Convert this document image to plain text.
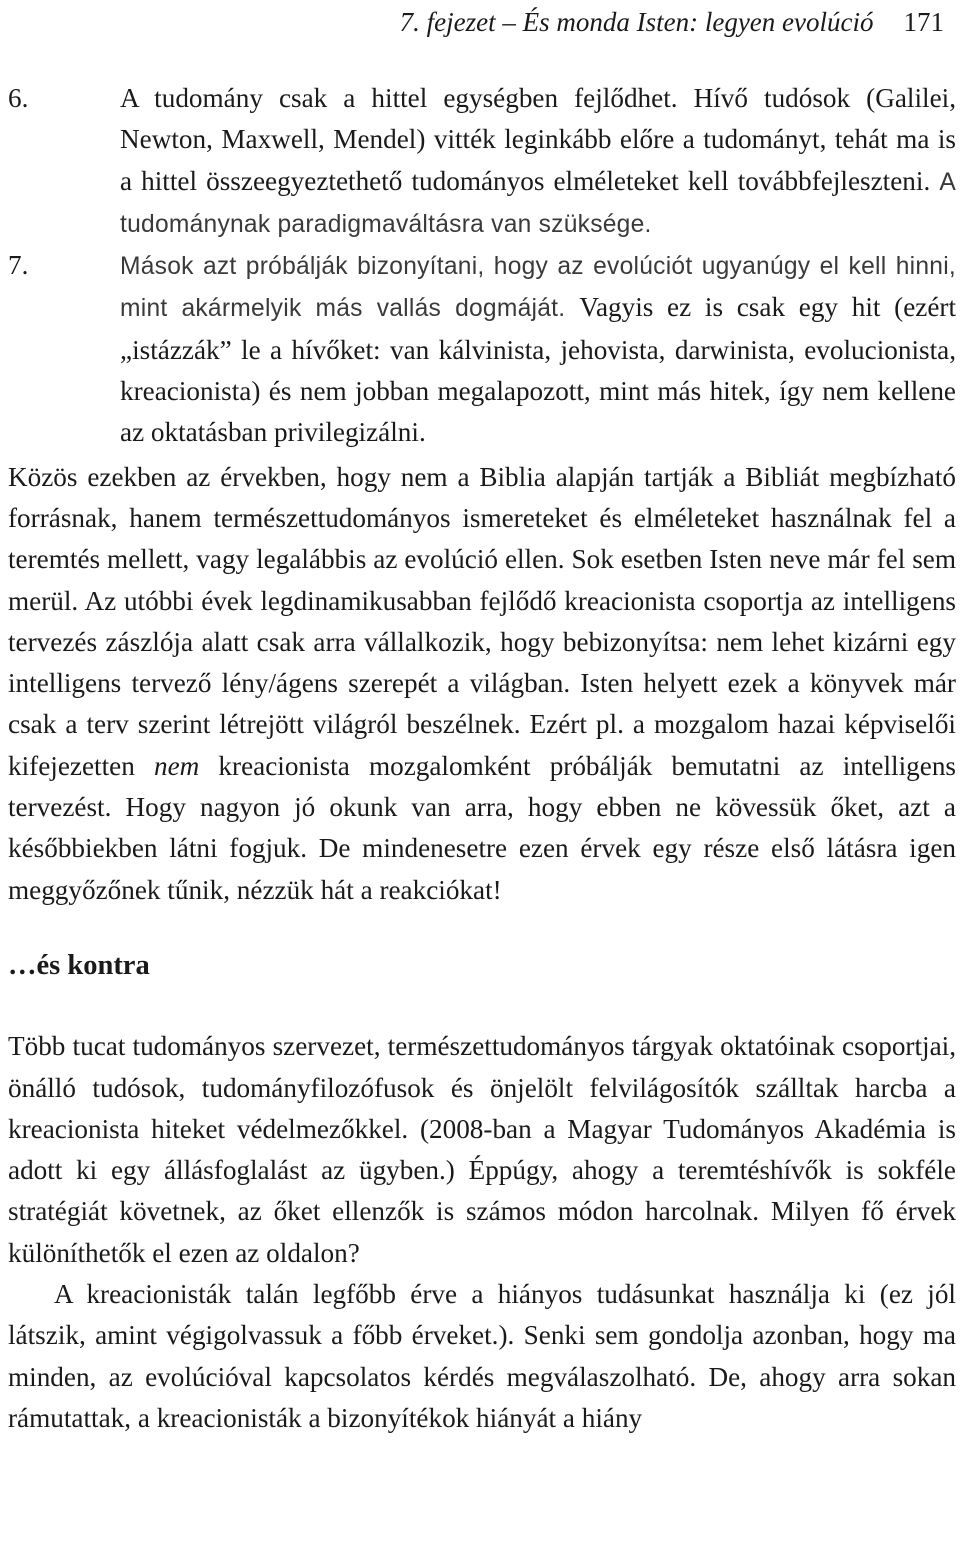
7. fejezet – És monda Isten: legyen evolúció 171
6.	A tudomány csak a hittel egységben fejlődhet. Hívő tudósok (Galilei, Newton, Maxwell, Mendel) vitték leginkább előre a tudományt, tehát ma is a hittel összeegyeztethető tudományos elméleteket kell továbbfejleszteni. A tudománynak paradigmaváltásra van szüksége.
7.	Mások azt próbálják bizonyítani, hogy az evolúciót ugyanúgy el kell hinni, mint akármelyik más vallás dogmáját. Vagyis ez is csak egy hit (ezért „istázzák” le a hívőket: van kálvinista, jehovista, darwinista, evolucionista, kreacionista) és nem jobban megalapozott, mint más hitek, így nem kellene az oktatásban privilegizálni.

Közös ezekben az érvekben, hogy nem a Biblia alapján tartják a Bibliát megbízható forrásnak, hanem természettudományos ismereteket és elméleteket használnak fel a teremtés mellett, vagy legalábbis az evolúció ellen. Sok esetben Isten neve már fel sem merül. Az utóbbi évek legdinamikusabban fejlődő kreacionista csoportja az intelligens tervezés zászlója alatt csak arra vállalkozik, hogy bebizonyítsa: nem lehet kizárni egy intelligens tervező lény/ágens szerepét a világban. Isten helyett ezek a könyvek már csak a terv szerint létrejött világról beszélnek. Ezért pl. a mozgalom hazai képviselői kifejezetten nem kreacionista mozgalomként próbálják bemutatni az intelligens tervezést. Hogy nagyon jó okunk van arra, hogy ebben ne kövessük őket, azt a későbbiekben látni fogjuk. De mindenesetre ezen érvek egy része első látásra igen meggyőzőnek tűnik, nézzük hát a reakciókat!

…és kontra

Több tucat tudományos szervezet, természettudományos tárgyak oktatóinak csoportjai, önálló tudósok, tudományfilozófusok és önjelölt felvilágosítók szálltak harcba a kreacionista hiteket védelmezőkkel. (2008-ban a Magyar Tudományos Akadémia is adott ki egy állásfoglalást az ügyben.) Éppúgy, ahogy a teremtéshívők is sokféle stratégiát követnek, az őket ellenzők is számos módon harcolnak. Milyen fő érvek különíthetők el ezen az oldalon?

A kreacionisták talán legfőbb érve a hiányos tudásunkat használja ki (ez jól látszik, amint végigolvassuk a főbb érveket.). Senki sem gondolja azonban, hogy ma minden, az evolúcióval kapcsolatos kérdés megválaszolható. De, ahogy arra sokan rámutattak, a kreacionisták a bizonyítékok hiányát a hiány
